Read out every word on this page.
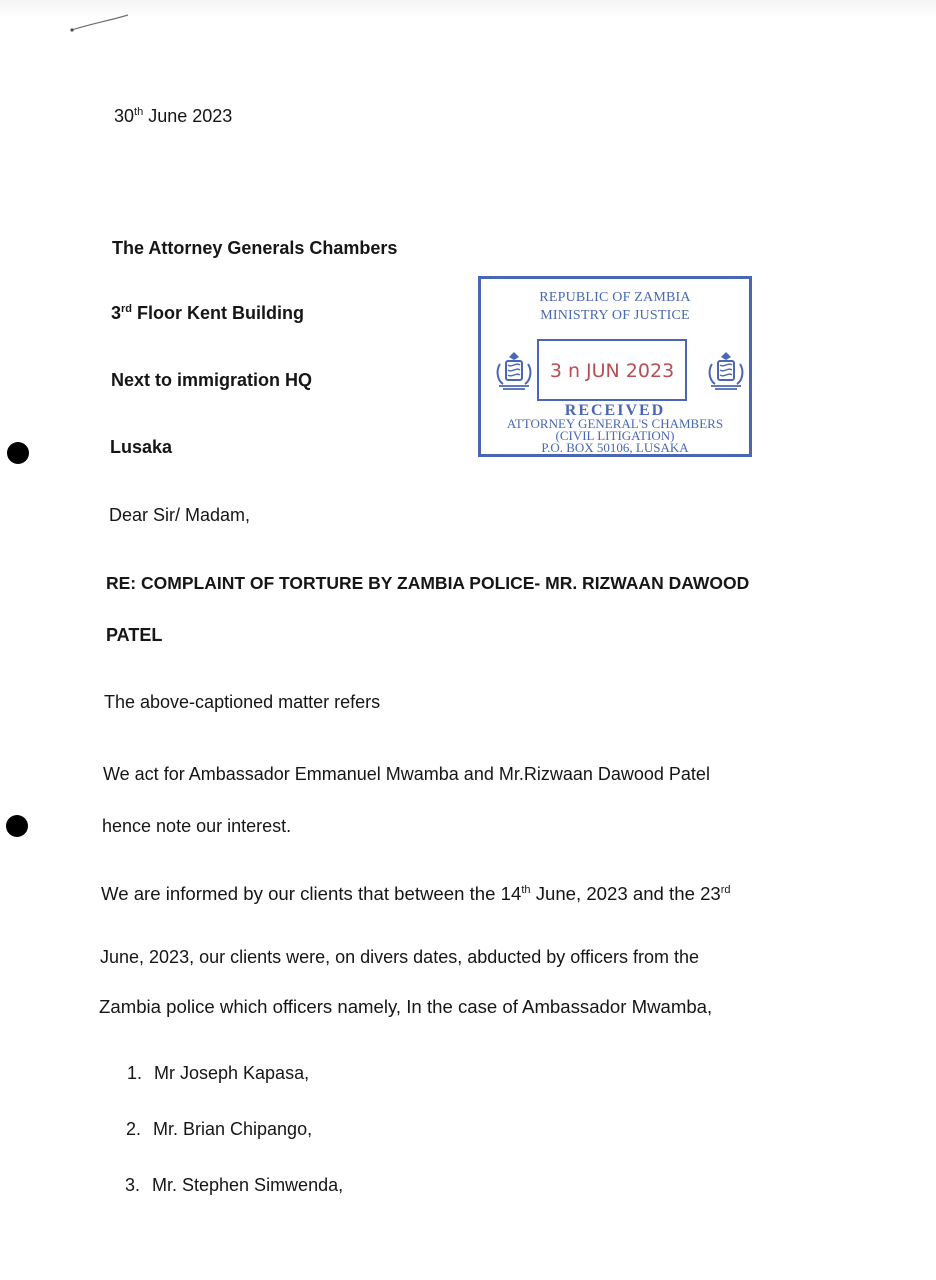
30th June 2023
The Attorney Generals Chambers
3rd Floor Kent Building
Next to immigration HQ
Lusaka
REPUBLIC OF ZAMBIA
MINISTRY OF JUSTICE
3 n JUN 2023
RECEIVED
ATTORNEY GENERAL'S CHAMBERS
(CIVIL LITIGATION)
P.O. BOX 50106, LUSAKA
Dear Sir/ Madam,
RE: COMPLAINT OF TORTURE BY ZAMBIA POLICE- MR. RIZWAAN DAWOOD
PATEL
The above-captioned matter refers
We act for Ambassador Emmanuel Mwamba and Mr.Rizwaan Dawood Patel
hence note our interest.
We are informed by our clients that between the 14th June, 2023 and the 23rd
June, 2023, our clients were, on divers dates, abducted by officers from the
Zambia police which officers namely, In the case of Ambassador Mwamba,
1. Mr Joseph Kapasa,
2. Mr. Brian Chipango,
3. Mr. Stephen Simwenda,
